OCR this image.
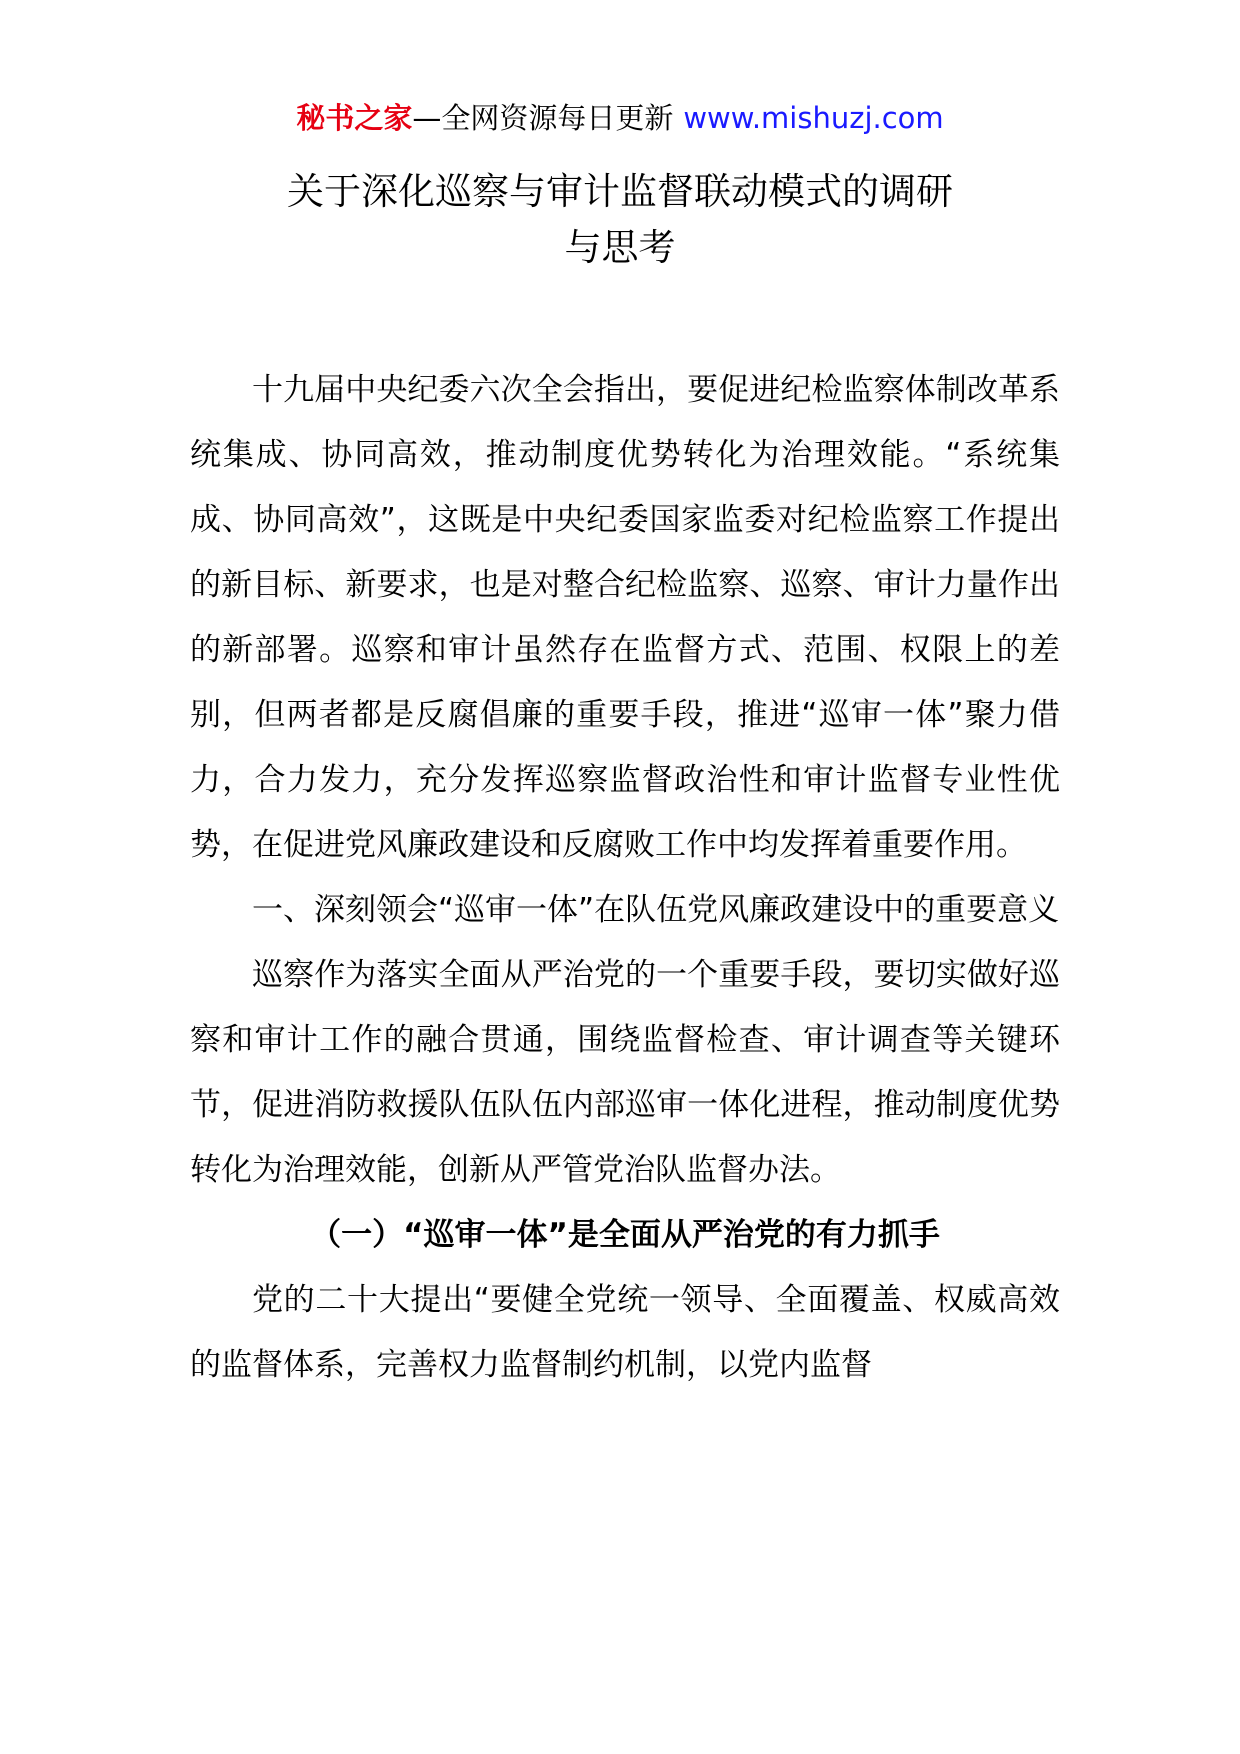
秘书之家—全网资源每日更新 www.mishuzj.com
关于深化巡察与审计监督联动模式的调研
与思考

十九届中央纪委六次全会指出，要促进纪检监察体制改革系统集成、协同高效，推动制度优势转化为治理效能。“系统集成、协同高效”，这既是中央纪委国家监委对纪检监察工作提出的新目标、新要求，也是对整合纪检监察、巡察、审计力量作出的新部署。巡察和审计虽然存在监督方式、范围、权限上的差别，但两者都是反腐倡廉的重要手段，推进“巡审一体”聚力借力，合力发力，充分发挥巡察监督政治性和审计监督专业性优势，在促进党风廉政建设和反腐败工作中均发挥着重要作用。

一、深刻领会“巡审一体”在队伍党风廉政建设中的重要意义

巡察作为落实全面从严治党的一个重要手段，要切实做好巡察和审计工作的融合贯通，围绕监督检查、审计调查等关键环节，促进消防救援队伍队伍内部巡审一体化进程，推动制度优势转化为治理效能，创新从严管党治队监督办法。

（一）“巡审一体”是全面从严治党的有力抓手

党的二十大提出“要健全党统一领导、全面覆盖、权威高效的监督体系，完善权力监督制约机制，以党内监督
